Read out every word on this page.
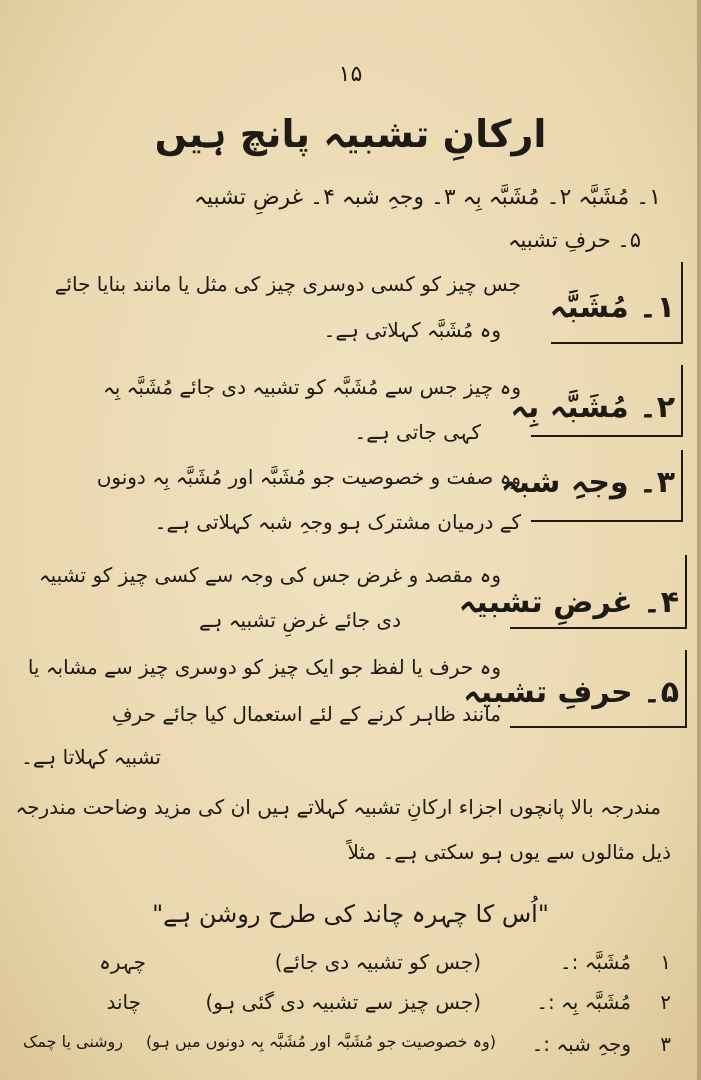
۱۵
ارکانِ تشبیہ پانچ ہیں
۱۔ مُشَبَّہ ۲۔ مُشَبَّہ بِہ ۳۔ وجہِ شبہ ۴۔ غرضِ تشبیہ
۵۔ حرفِ تشبیہ
۱۔ مُشَبَّہ
جس چیز کو کسی دوسری چیز کی مثل یا مانند بنایا جائے
وہ مُشَبَّہ کہلاتی ہے۔
۲۔ مُشَبَّہ بِہ
وہ چیز جس سے مُشَبَّہ کو تشبیہ دی جائے مُشَبَّہ بِہ
کہی جاتی ہے۔
۳۔ وجہِ شبہ
وہ صفت و خصوصیت جو مُشَبَّہ اور مُشَبَّہ بِہ دونوں
کے درمیان مشترک ہو وجہِ شبہ کہلاتی ہے۔
۴۔ غرضِ تشبیہ
وہ مقصد و غرض جس کی وجہ سے کسی چیز کو تشبیہ
دی جائے غرضِ تشبیہ ہے
۵۔ حرفِ تشبیہ
وہ حرف یا لفظ جو ایک چیز کو دوسری چیز سے مشابہ یا
مانند ظاہر کرنے کے لئے استعمال کیا جائے حرفِ
تشبیہ کہلاتا ہے۔
مندرجہ بالا پانچوں اجزاء ارکانِ تشبیہ کہلاتے ہیں ان کی مزید وضاحت مندرجہ
ذیل مثالوں سے یوں ہو سکتی ہے۔ مثلاً
"اُس کا چہرہ چاند کی طرح روشن ہے"
۱
مُشَبَّہ :۔
(جس کو تشبیہ دی جائے)
چہرہ
۲
مُشَبَّہ بِہ :۔
(جس چیز سے تشبیہ دی گئی ہو)
چاند
۳
وجہِ شبہ :۔
(وہ خصوصیت جو مُشَبَّہ اور مُشَبَّہ بِہ دونوں میں ہو)
روشنی یا چمک
